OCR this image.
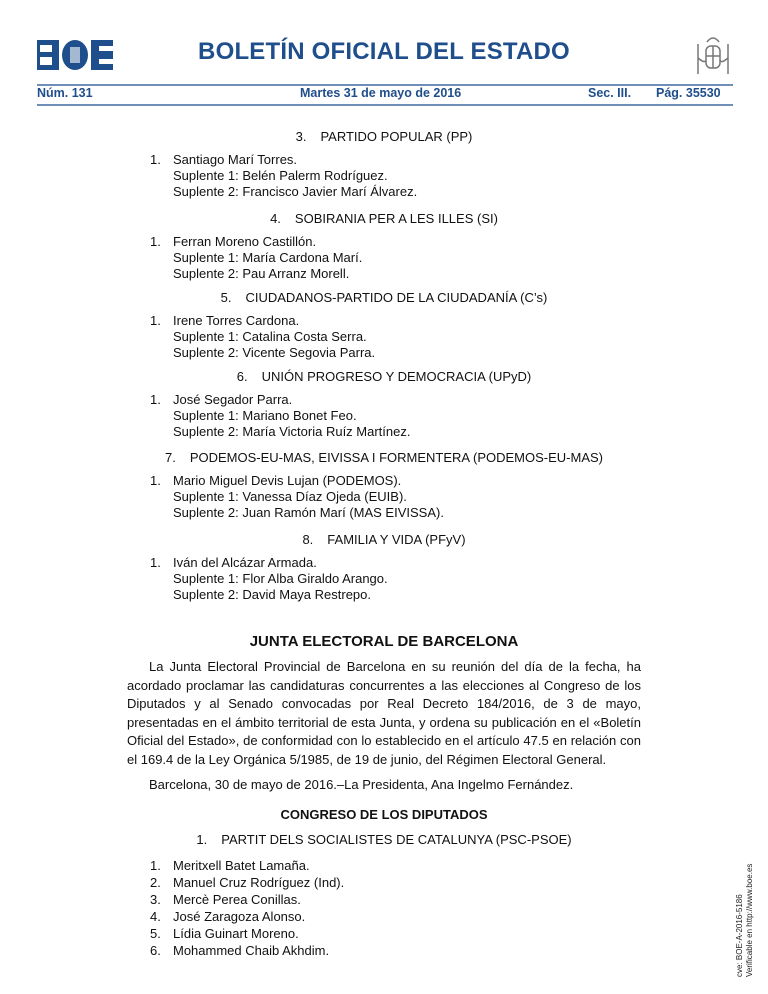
BOLETÍN OFICIAL DEL ESTADO
Núm. 131	Martes 31 de mayo de 2016	Sec. III. Pág. 35530
3. PARTIDO POPULAR (PP)
1. Santiago Marí Torres.
Suplente 1: Belén Palerm Rodríguez.
Suplente 2: Francisco Javier Marí Álvarez.
4. SOBIRANIA PER A LES ILLES (SI)
1. Ferran Moreno Castillón.
Suplente 1: María Cardona Marí.
Suplente 2: Pau Arranz Morell.
5. CIUDADANOS-PARTIDO DE LA CIUDADANÍA (C’s)
1. Irene Torres Cardona.
Suplente 1: Catalina Costa Serra.
Suplente 2: Vicente Segovia Parra.
6. UNIÓN PROGRESO Y DEMOCRACIA (UPyD)
1. José Segador Parra.
Suplente 1: Mariano Bonet Feo.
Suplente 2: María Victoria Ruíz Martínez.
7. PODEMOS-EU-MAS, EIVISSA I FORMENTERA (PODEMOS-EU-MAS)
1. Mario Miguel Devis Lujan (PODEMOS).
Suplente 1: Vanessa Díaz Ojeda (EUIB).
Suplente 2: Juan Ramón Marí (MAS EIVISSA).
8. FAMILIA Y VIDA (PFyV)
1. Iván del Alcázar Armada.
Suplente 1: Flor Alba Giraldo Arango.
Suplente 2: David Maya Restrepo.
JUNTA ELECTORAL DE BARCELONA
La Junta Electoral Provincial de Barcelona en su reunión del día de la fecha, ha acordado proclamar las candidaturas concurrentes a las elecciones al Congreso de los Diputados y al Senado convocadas por Real Decreto 184/2016, de 3 de mayo, presentadas en el ámbito territorial de esta Junta, y ordena su publicación en el «Boletín Oficial del Estado», de conformidad con lo establecido en el artículo 47.5 en relación con el 169.4 de la Ley Orgánica 5/1985, de 19 de junio, del Régimen Electoral General.
Barcelona, 30 de mayo de 2016.–La Presidenta, Ana Ingelmo Fernández.
CONGRESO DE LOS DIPUTADOS
1. PARTIT DELS SOCIALISTES DE CATALUNYA (PSC-PSOE)
1. Meritxell Batet Lamaña.
2. Manuel Cruz Rodríguez (Ind).
3. Mercè Perea Conillas.
4. José Zaragoza Alonso.
5. Lídia Guinart Moreno.
6. Mohammed Chaib Akhdim.	cve: BOE-A-2016-5186 Verificable en http://www.boe.es
